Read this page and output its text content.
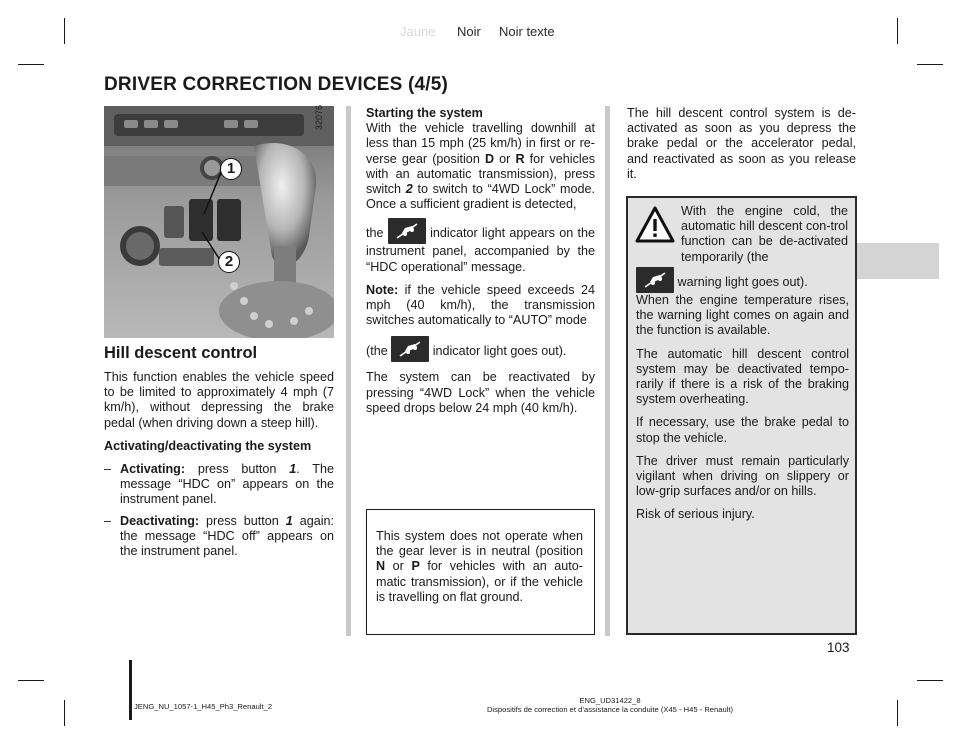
Jaune Noir Noir texte
DRIVER CORRECTION DEVICES (4/5)
1
2
32076
Hill descent control

This function enables the vehicle speed to be limited to approximately 4 mph (7 km/h), without depressing the brake pedal (when driving down a steep hill).

Activating/deactivating the system

– Activating: press button 1. The message “HDC on” appears on the instrument panel.
– Deactivating: press button 1 again: the message “HDC off” appears on the instrument panel.

Starting the system
With the vehicle travelling downhill at less than 15 mph (25 km/h) in first or re-verse gear (position D or R for vehicles with an automatic transmission), press switch 2 to switch to “4WD Lock” mode. Once a sufficient gradient is detected,

the	indicator light appears on the instrument panel, accompanied by the “HDC operational” message.

Note: if the vehicle speed exceeds 24 mph (40 km/h), the transmission switches automatically to “AUTO” mode

(the	indicator light goes out).

The system can be reactivated by pressing “4WD Lock” when the vehicle speed drops below 24 mph (40 km/h).

This system does not operate when the gear lever is in neutral (position N or P for vehicles with an auto-matic transmission), or if the vehicle is travelling on flat ground.

The hill descent control system is de-activated as soon as you depress the brake pedal or the accelerator pedal, and reactivated as soon as you release it.

With the engine cold, the automatic hill descent con-trol function can be de-activated temporarily (the

warning light goes out).
When the engine temperature rises, the warning light comes on again and the function is available.

The automatic hill descent control system may be deactivated tempo-rarily if there is a risk of the braking system overheating.

If necessary, use the brake pedal to stop the vehicle.

The driver must remain particularly vigilant when driving on slippery or low-grip surfaces and/or on hills.

Risk of serious injury.

103
JENG_NU_1057-1_H45_Ph3_Renault_2
ENG_UD31422_8
Dispositifs de correction et d’assistance la conduite (X45 - H45 - Renault)
